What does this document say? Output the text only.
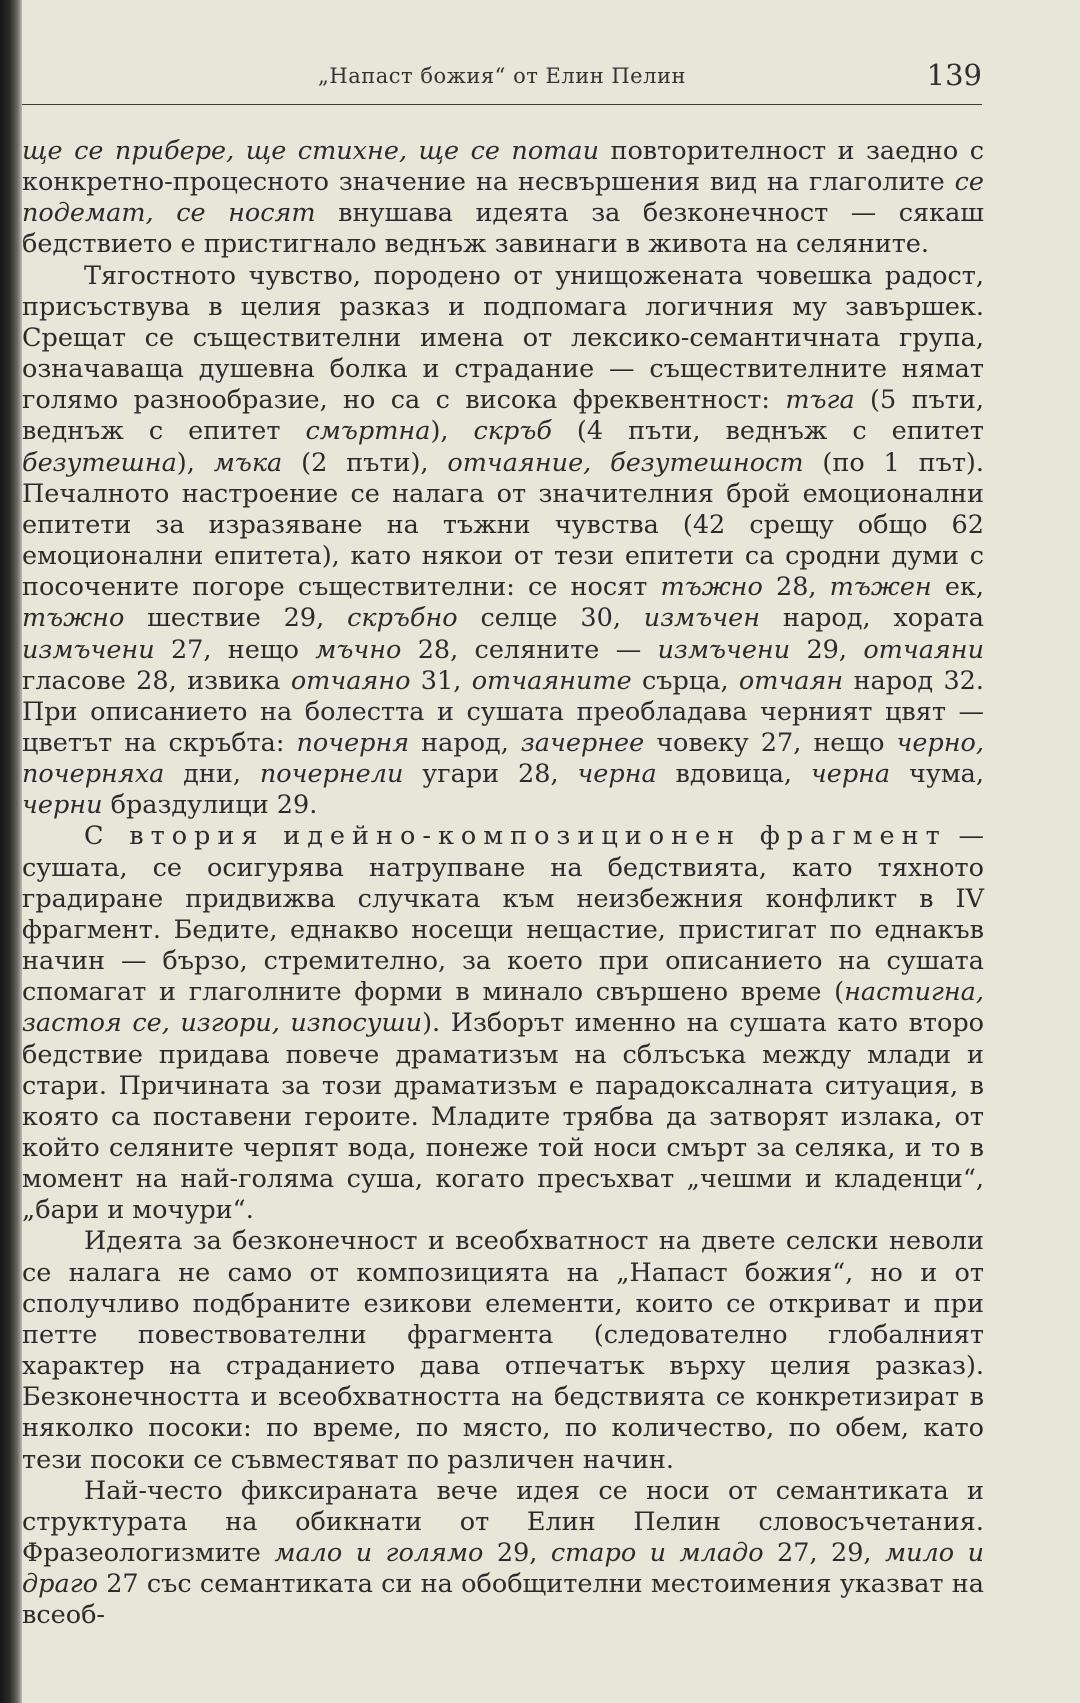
„Напаст божия“ от Елин Пелин	139

ще се прибере, ще стихне, ще се потаи повторителност и заедно с конкретно-процесното значение на несвършения вид на глаголите се подемат, се носят внушава идеята за безконечност — сякаш бедствието е пристигнало веднъж завинаги в живота на селяните.

Тягостното чувство, породено от унищожената човешка радост, присъствува в целия разказ и подпомага логичния му завършек. Срещат се съществителни имена от лексико-семантичната група, означаваща душевна болка и страдание — съществителните нямат голямо разнообразие, но са с висока фреквентност: тъга (5 пъти, веднъж с епитет смъртна), скръб (4 пъти, веднъж с епитет безутешна), мъка (2 пъти), отчаяние, безутешност (по 1 път). Печалното настроение се налага от значителния брой емоционални епитети за изразяване на тъжни чувства (42 срещу общо 62 емоционални епитета), като някои от тези епитети са сродни думи с посочените погоре съществителни: се носят тъжно 28, тъжен ек, тъжно шествие 29, скръбно селце 30, измъчен народ, хората измъчени 27, нещо мъчно 28, селяните — измъчени 29, отчаяни гласове 28, извика отчаяно 31, отчаяните сърца, отчаян народ 32. При описанието на болестта и сушата преобладава черният цвят — цветът на скръбта: почерня народ, зачернее човеку 27, нещо черно, почерняха дни, почернели угари 28, черна вдовица, черна чума, черни браздулици 29.

С втория идейно-композиционен фрагмент — сушата, се осигурява натрупване на бедствията, като тяхното градиране придвижва случката към неизбежния конфликт в IV фрагмент. Бедите, еднакво носещи нещастие, пристигат по еднакъв начин — бързо, стремително, за което при описанието на сушата спомагат и глаголните форми в минало свършено време (настигна, застоя се, изгори, изпосуши). Изборът именно на сушата като второ бедствие придава повече драматизъм на сблъсъка между млади и стари. Причината за този драматизъм е парадоксалната ситуация, в която са поставени героите. Младите трябва да затворят излака, от който селяните черпят вода, понеже той носи смърт за селяка, и то в момент на най-голяма суша, когато пресъхват „чешми и кладенци“, „бари и мочури“.

Идеята за безконечност и всеобхватност на двете селски неволи се налага не само от композицията на „Напаст божия“, но и от сполучливо подбраните езикови елементи, които се откриват и при петте повествователни фрагмента (следователно глобалният характер на страданието дава отпечатък върху целия разказ). Безконечността и всеобхватността на бедствията се конкретизират в няколко посоки: по време, по място, по количество, по обем, като тези посоки се съвместяват по различен начин.

Най-често фиксираната вече идея се носи от семантиката и структурата на обикнати от Елин Пелин словосъчетания. Фразеологизмите мало и голямо 29, старо и младо 27, 29, мило и драго 27 със семантиката си на обобщителни местоимения указват на всеоб-
